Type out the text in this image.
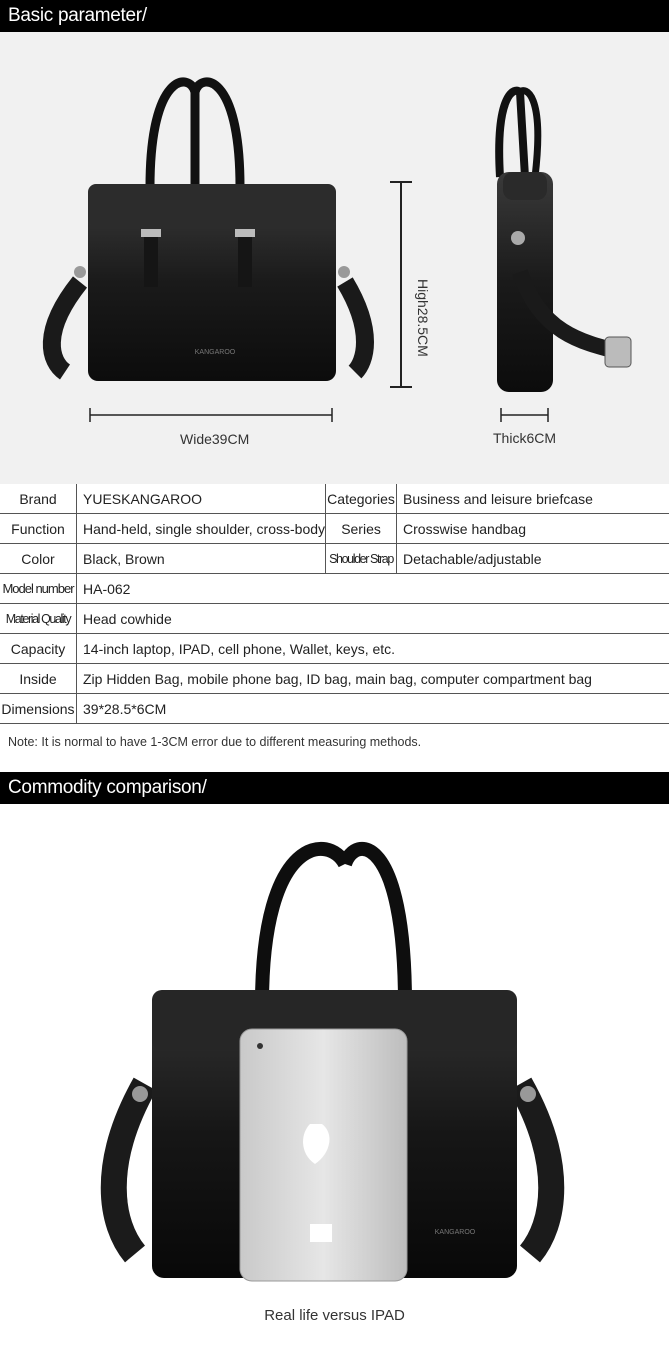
Basic parameter/
KANGAROO
Wide39CM
High28.5CM
Thick6CM
Brand	YUESKANGAROO	Categories	Business and leisure briefcase
Function	Hand-held, single shoulder, cross-body	Series	Crosswise handbag
Color	Black, Brown	Shoulder Strap	Detachable/adjustable
Model number	HA-062		
Material Quality	Head cowhide		
Capacity	14-inch laptop, IPAD, cell phone, Wallet, keys, etc.		
Inside	Zip Hidden Bag, mobile phone bag, ID bag, main bag, computer compartment bag		
Dimensions	39*28.5*6CM		
Note: It is normal to have 1-3CM error due to different measuring methods.
Commodity comparison/
KANGAROO
Real life versus IPAD
